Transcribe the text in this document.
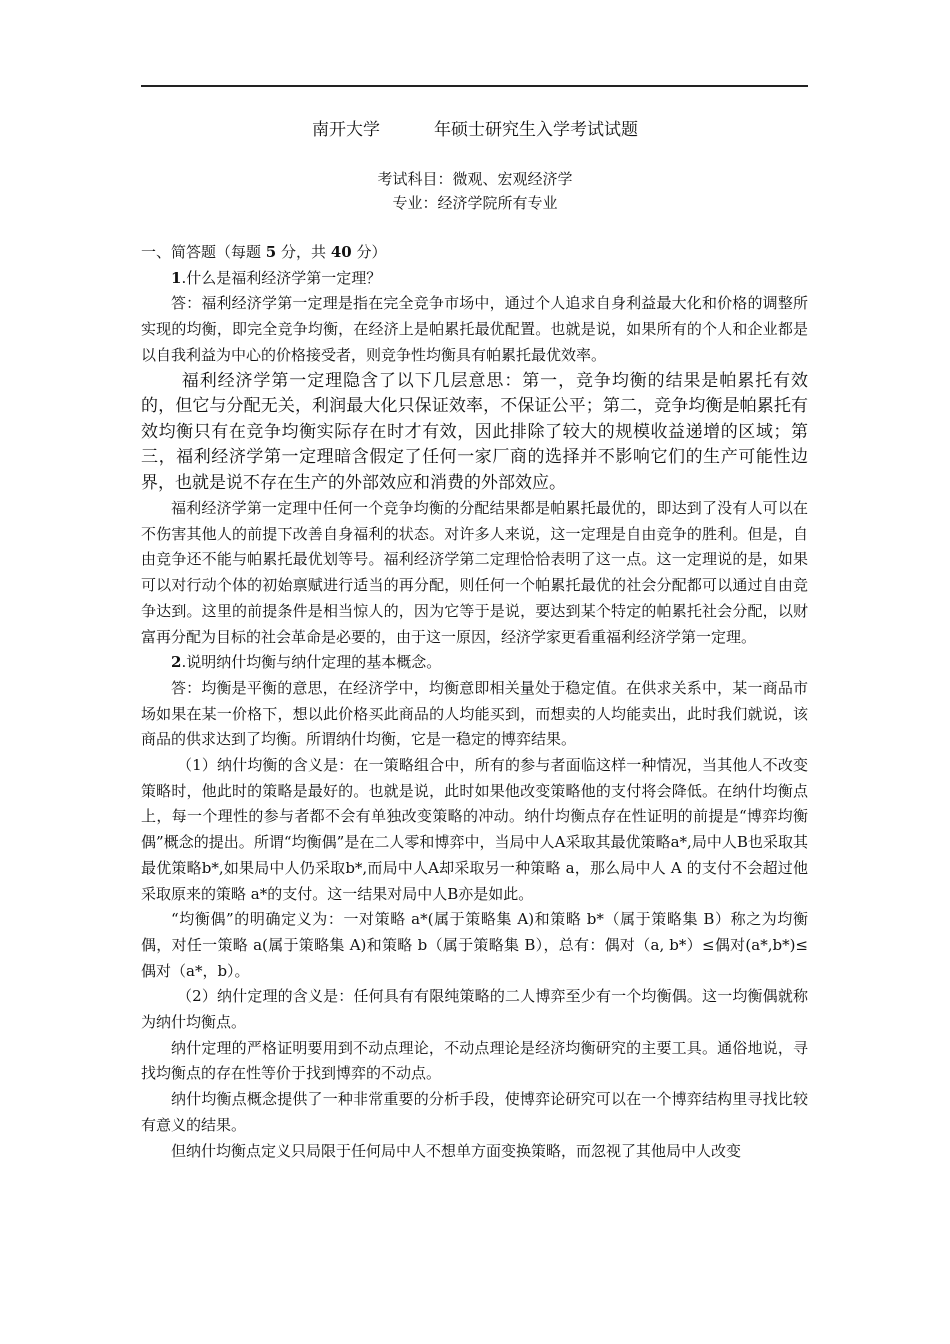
南开大学          年硕士研究生入学考试试题
考试科目：微观、宏观经济学
专业：经济学院所有专业

一、简答题（每题 5 分，共 40 分）

1.什么是福利经济学第一定理？

答：福利经济学第一定理是指在完全竞争市场中，通过个人追求自身利益最大化和价格的调整所实现的均衡，即完全竞争均衡，在经济上是帕累托最优配置。也就是说，如果所有的个人和企业都是以自我利益为中心的价格接受者，则竞争性均衡具有帕累托最优效率。

福利经济学第一定理隐含了以下几层意思：第一，竞争均衡的结果是帕累托有效的，但它与分配无关，利润最大化只保证效率，不保证公平；第二，竞争均衡是帕累托有效均衡只有在竞争均衡实际存在时才有效，因此排除了较大的规模收益递增的区域；第三，福利经济学第一定理暗含假定了任何一家厂商的选择并不影响它们的生产可能性边界，也就是说不存在生产的外部效应和消费的外部效应。

福利经济学第一定理中任何一个竞争均衡的分配结果都是帕累托最优的，即达到了没有人可以在不伤害其他人的前提下改善自身福利的状态。对许多人来说，这一定理是自由竞争的胜利。但是，自由竞争还不能与帕累托最优划等号。福利经济学第二定理恰恰表明了这一点。这一定理说的是，如果可以对行动个体的初始禀赋进行适当的再分配，则任何一个帕累托最优的社会分配都可以通过自由竞争达到。这里的前提条件是相当惊人的，因为它等于是说，要达到某个特定的帕累托社会分配，以财富再分配为目标的社会革命是必要的，由于这一原因，经济学家更看重福利经济学第一定理。

2.说明纳什均衡与纳什定理的基本概念。

答：均衡是平衡的意思，在经济学中，均衡意即相关量处于稳定值。在供求关系中，某一商品市场如果在某一价格下，想以此价格买此商品的人均能买到，而想卖的人均能卖出，此时我们就说，该商品的供求达到了均衡。所谓纳什均衡，它是一稳定的博弈结果。

（1）纳什均衡的含义是：在一策略组合中，所有的参与者面临这样一种情况，当其他人不改变策略时，他此时的策略是最好的。也就是说，此时如果他改变策略他的支付将会降低。在纳什均衡点上，每一个理性的参与者都不会有单独改变策略的冲动。纳什均衡点存在性证明的前提是“博弈均衡偶”概念的提出。所谓“均衡偶”是在二人零和博弈中，当局中人A采取其最优策略a*,局中人B也采取其最优策略b*,如果局中人仍采取b*,而局中人A却采取另一种策略 a，那么局中人 A 的支付不会超过他采取原来的策略 a*的支付。这一结果对局中人B亦是如此。

“均衡偶”的明确定义为：一对策略 a*(属于策略集 A)和策略 b*（属于策略集 B）称之为均衡偶，对任一策略 a(属于策略集 A)和策略 b（属于策略集 B），总有：偶对（a, b*）≤偶对(a*,b*)≤偶对（a*，b）。

（2）纳什定理的含义是：任何具有有限纯策略的二人博弈至少有一个均衡偶。这一均衡偶就称为纳什均衡点。

纳什定理的严格证明要用到不动点理论，不动点理论是经济均衡研究的主要工具。通俗地说，寻找均衡点的存在性等价于找到博弈的不动点。

纳什均衡点概念提供了一种非常重要的分析手段，使博弈论研究可以在一个博弈结构里寻找比较有意义的结果。

但纳什均衡点定义只局限于任何局中人不想单方面变换策略，而忽视了其他局中人改变
